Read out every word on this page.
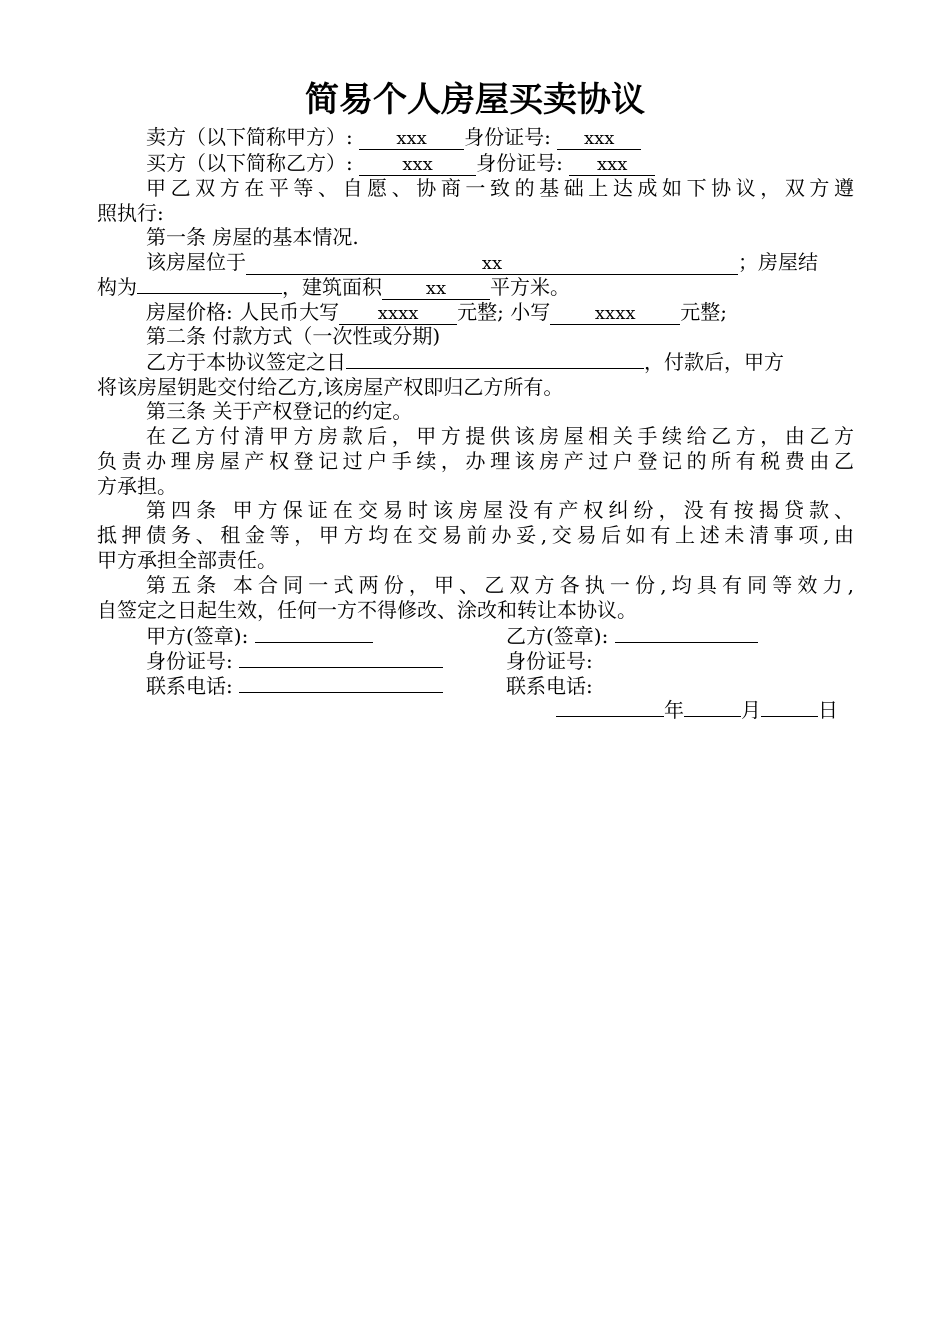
简易个人房屋买卖协议
卖方（以下简称甲方）: xxx 身份证号: xxx
买方（以下简称乙方）:	xxx 身份证号: xxx
甲乙双方在平等、自愿、协商一致的基础上达成如下协议，双方遵
照执行:
第一条 房屋的基本情况.
该房屋位于	xx	；房屋结
构为	，建筑面积 xx 平方米。
房屋价格: 人民币大写 xxxx 元整; 小写 xxxx 元整;
第二条 付款方式（一次性或分期)
乙方于本协议签定之日	，付款后，甲方
将该房屋钥匙交付给乙方,该房屋产权即归乙方所有。
第三条 关于产权登记的约定。
在乙方付清甲方房款后，甲方提供该房屋相关手续给乙方，由乙方
负责办理房屋产权登记过户手续，办理该房产过户登记的所有税费由乙
方承担。
第四条 甲方保证在交易时该房屋没有产权纠纷，没有按揭贷款、
抵押债务、租金等，甲方均在交易前办妥,交易后如有上述未清事项,由
甲方承担全部责任。
第五条 本合同一式两份，甲、乙双方各执一份,均具有同等效力,
自签定之日起生效，任何一方不得修改、涂改和转让本协议。
甲方(签章):	乙方(签章):
身份证号:	身份证号:
联系电话:	联系电话:
年	月	日
